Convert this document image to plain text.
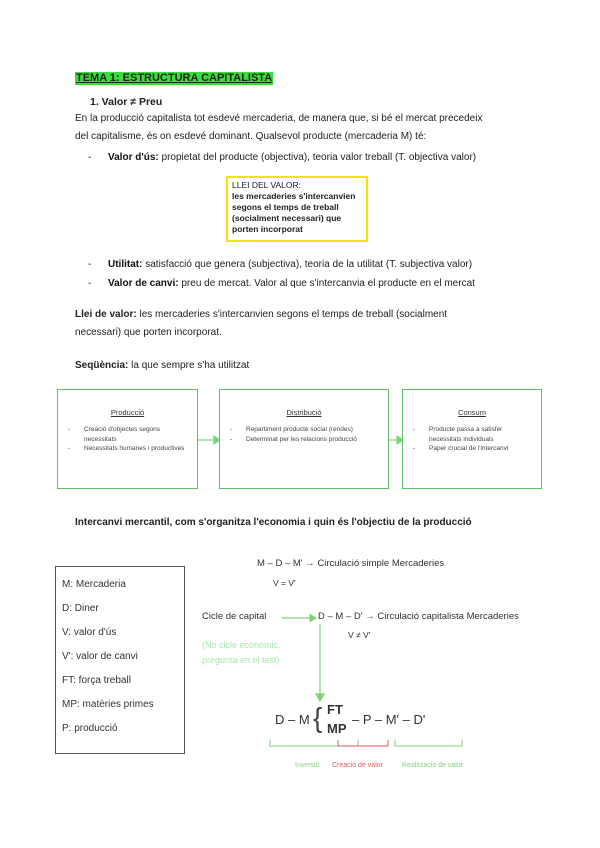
TEMA 1: ESTRUCTURA CAPITALISTA
1. Valor ≠ Preu
En la producció capitalista tot esdevé mercaderia, de manera que, si bé el mercat precedeix
del capitalisme, és on esdevé dominant. Qualsevol producte (mercaderia M) té:
- Valor d'ús: propietat del producte (objectiva), teoria valor treball (T. objectiva valor)
LLEI DEL VALOR:
les mercaderies s'intercanvien
segons el temps de treball
(socialment necessari) que
porten incorporat
- Utilitat: satisfacció que genera (subjectiva), teoria de la utilitat (T. subjectiva valor)
- Valor de canvi: preu de mercat. Valor al que s'intercanvia el producte en el mercat
Llei de valor: les mercaderies s'intercanvien segons el temps de treball (socialment
necessari) que porten incorporat.
Seqüència: la que sempre s'ha utilitzat
Producció
-	Creació d'objectes segons necessitats
-	Necessitats humanes i productives
Distribució
-	Repartiment producte social (rendes)
-	Determinat per les relacions producció
Consum
-	Producte passa a satisfer necessitats individuals
-	Paper crucial de l'intercanvi
Intercanvi mercantil, com s'organitza l'economia i quin és l'objectiu de la producció
M: Mercaderia
D: Diner
V: valor d'ús
V': valor de canvi
FT: força treball
MP: matèries primes
P: producció
M – D – M' → Circulació simple Mercaderies
V = V'
Cicle de capital	D – M – D' → Circulació capitalista Mercaderies
V ≠ V'
(No cicle econòmic,
pregunta en el test)
D – M { FT
MP
– P – M' – D'
Inversió Creació de valor	Realització de valor
